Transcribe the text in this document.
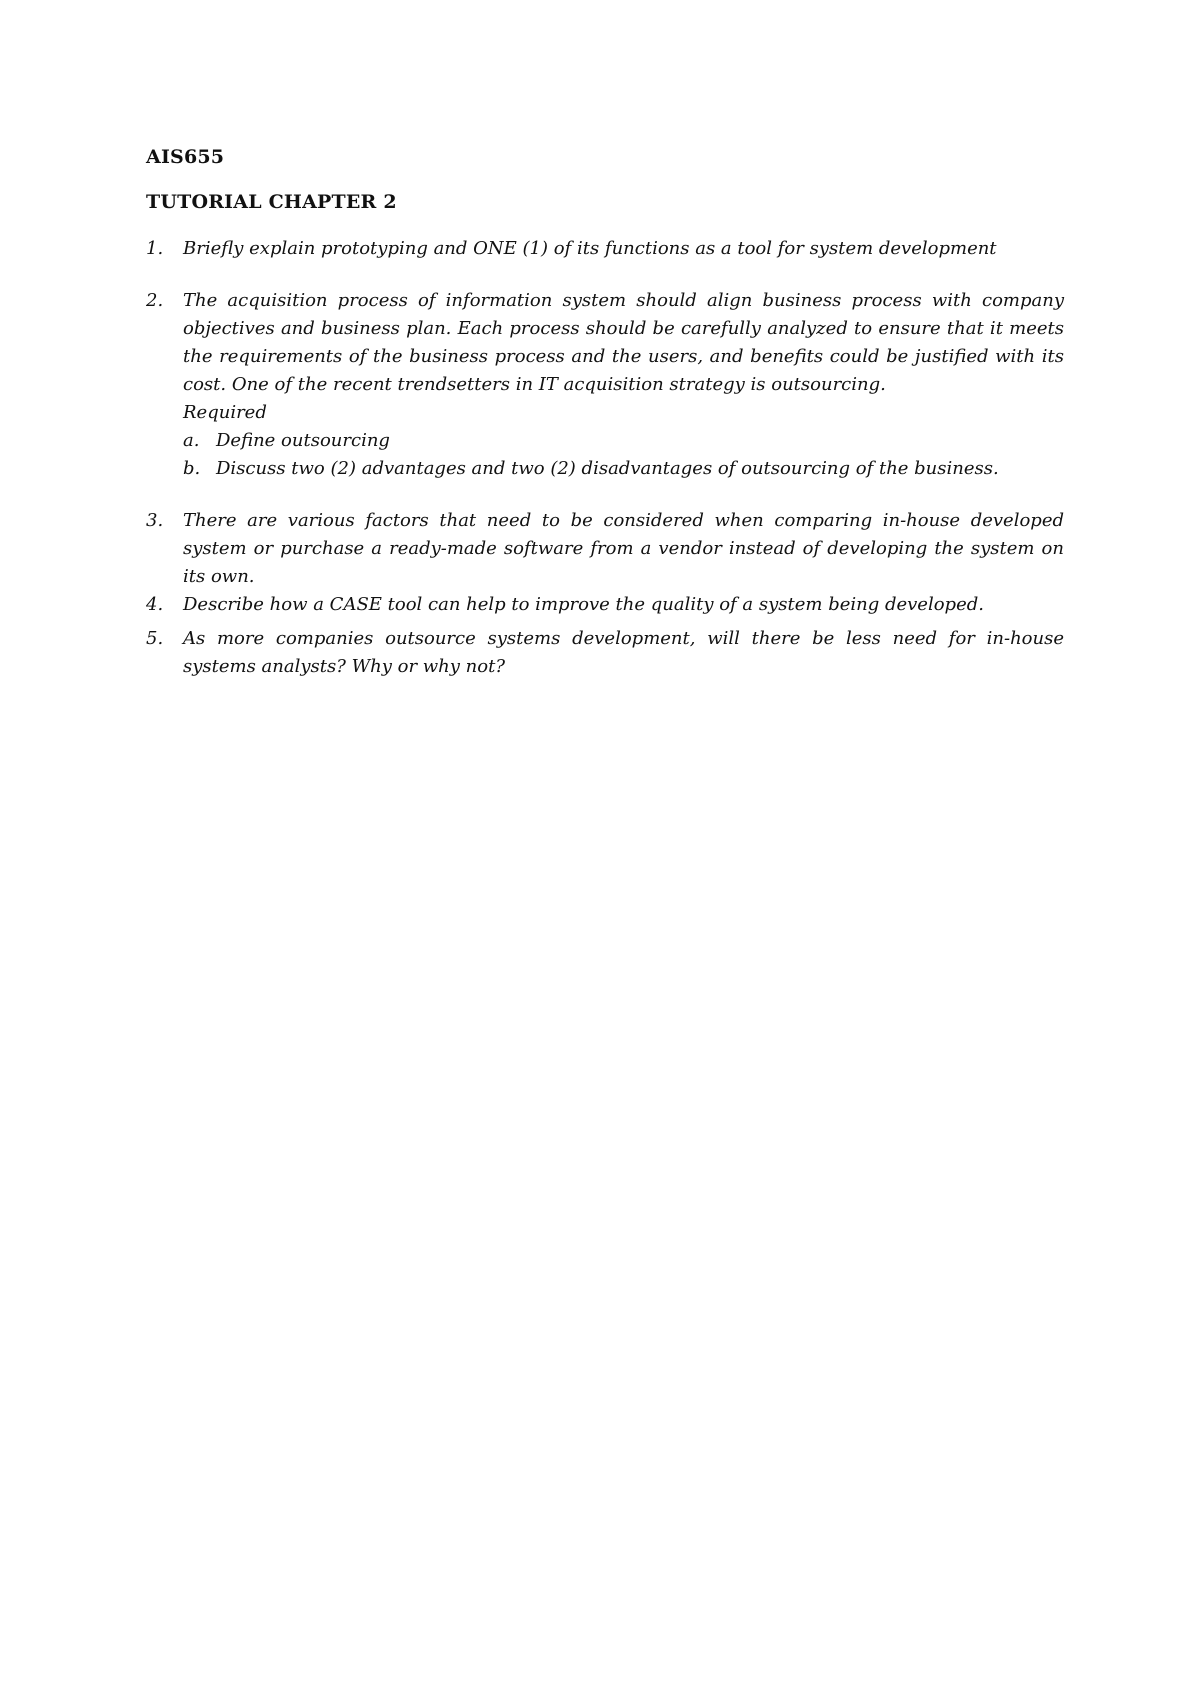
AIS655
TUTORIAL CHAPTER 2
1.	Briefly explain prototyping and ONE (1) of its functions as a tool for system development
2.	The acquisition process of information system should align business process with company objectives and business plan. Each process should be carefully analyzed to ensure that it meets the requirements of the business process and the users, and benefits could be justified with its cost. One of the recent trendsetters in IT acquisition strategy is outsourcing.
Required
a. Define outsourcing
b. Discuss two (2) advantages and two (2) disadvantages of outsourcing of the business.
3.	There are various factors that need to be considered when comparing in-house developed system or purchase a ready-made software from a vendor instead of developing the system on its own.
4.	Describe how a CASE tool can help to improve the quality of a system being developed.
5.	As more companies outsource systems development, will there be less need for in-house systems analysts? Why or why not?
